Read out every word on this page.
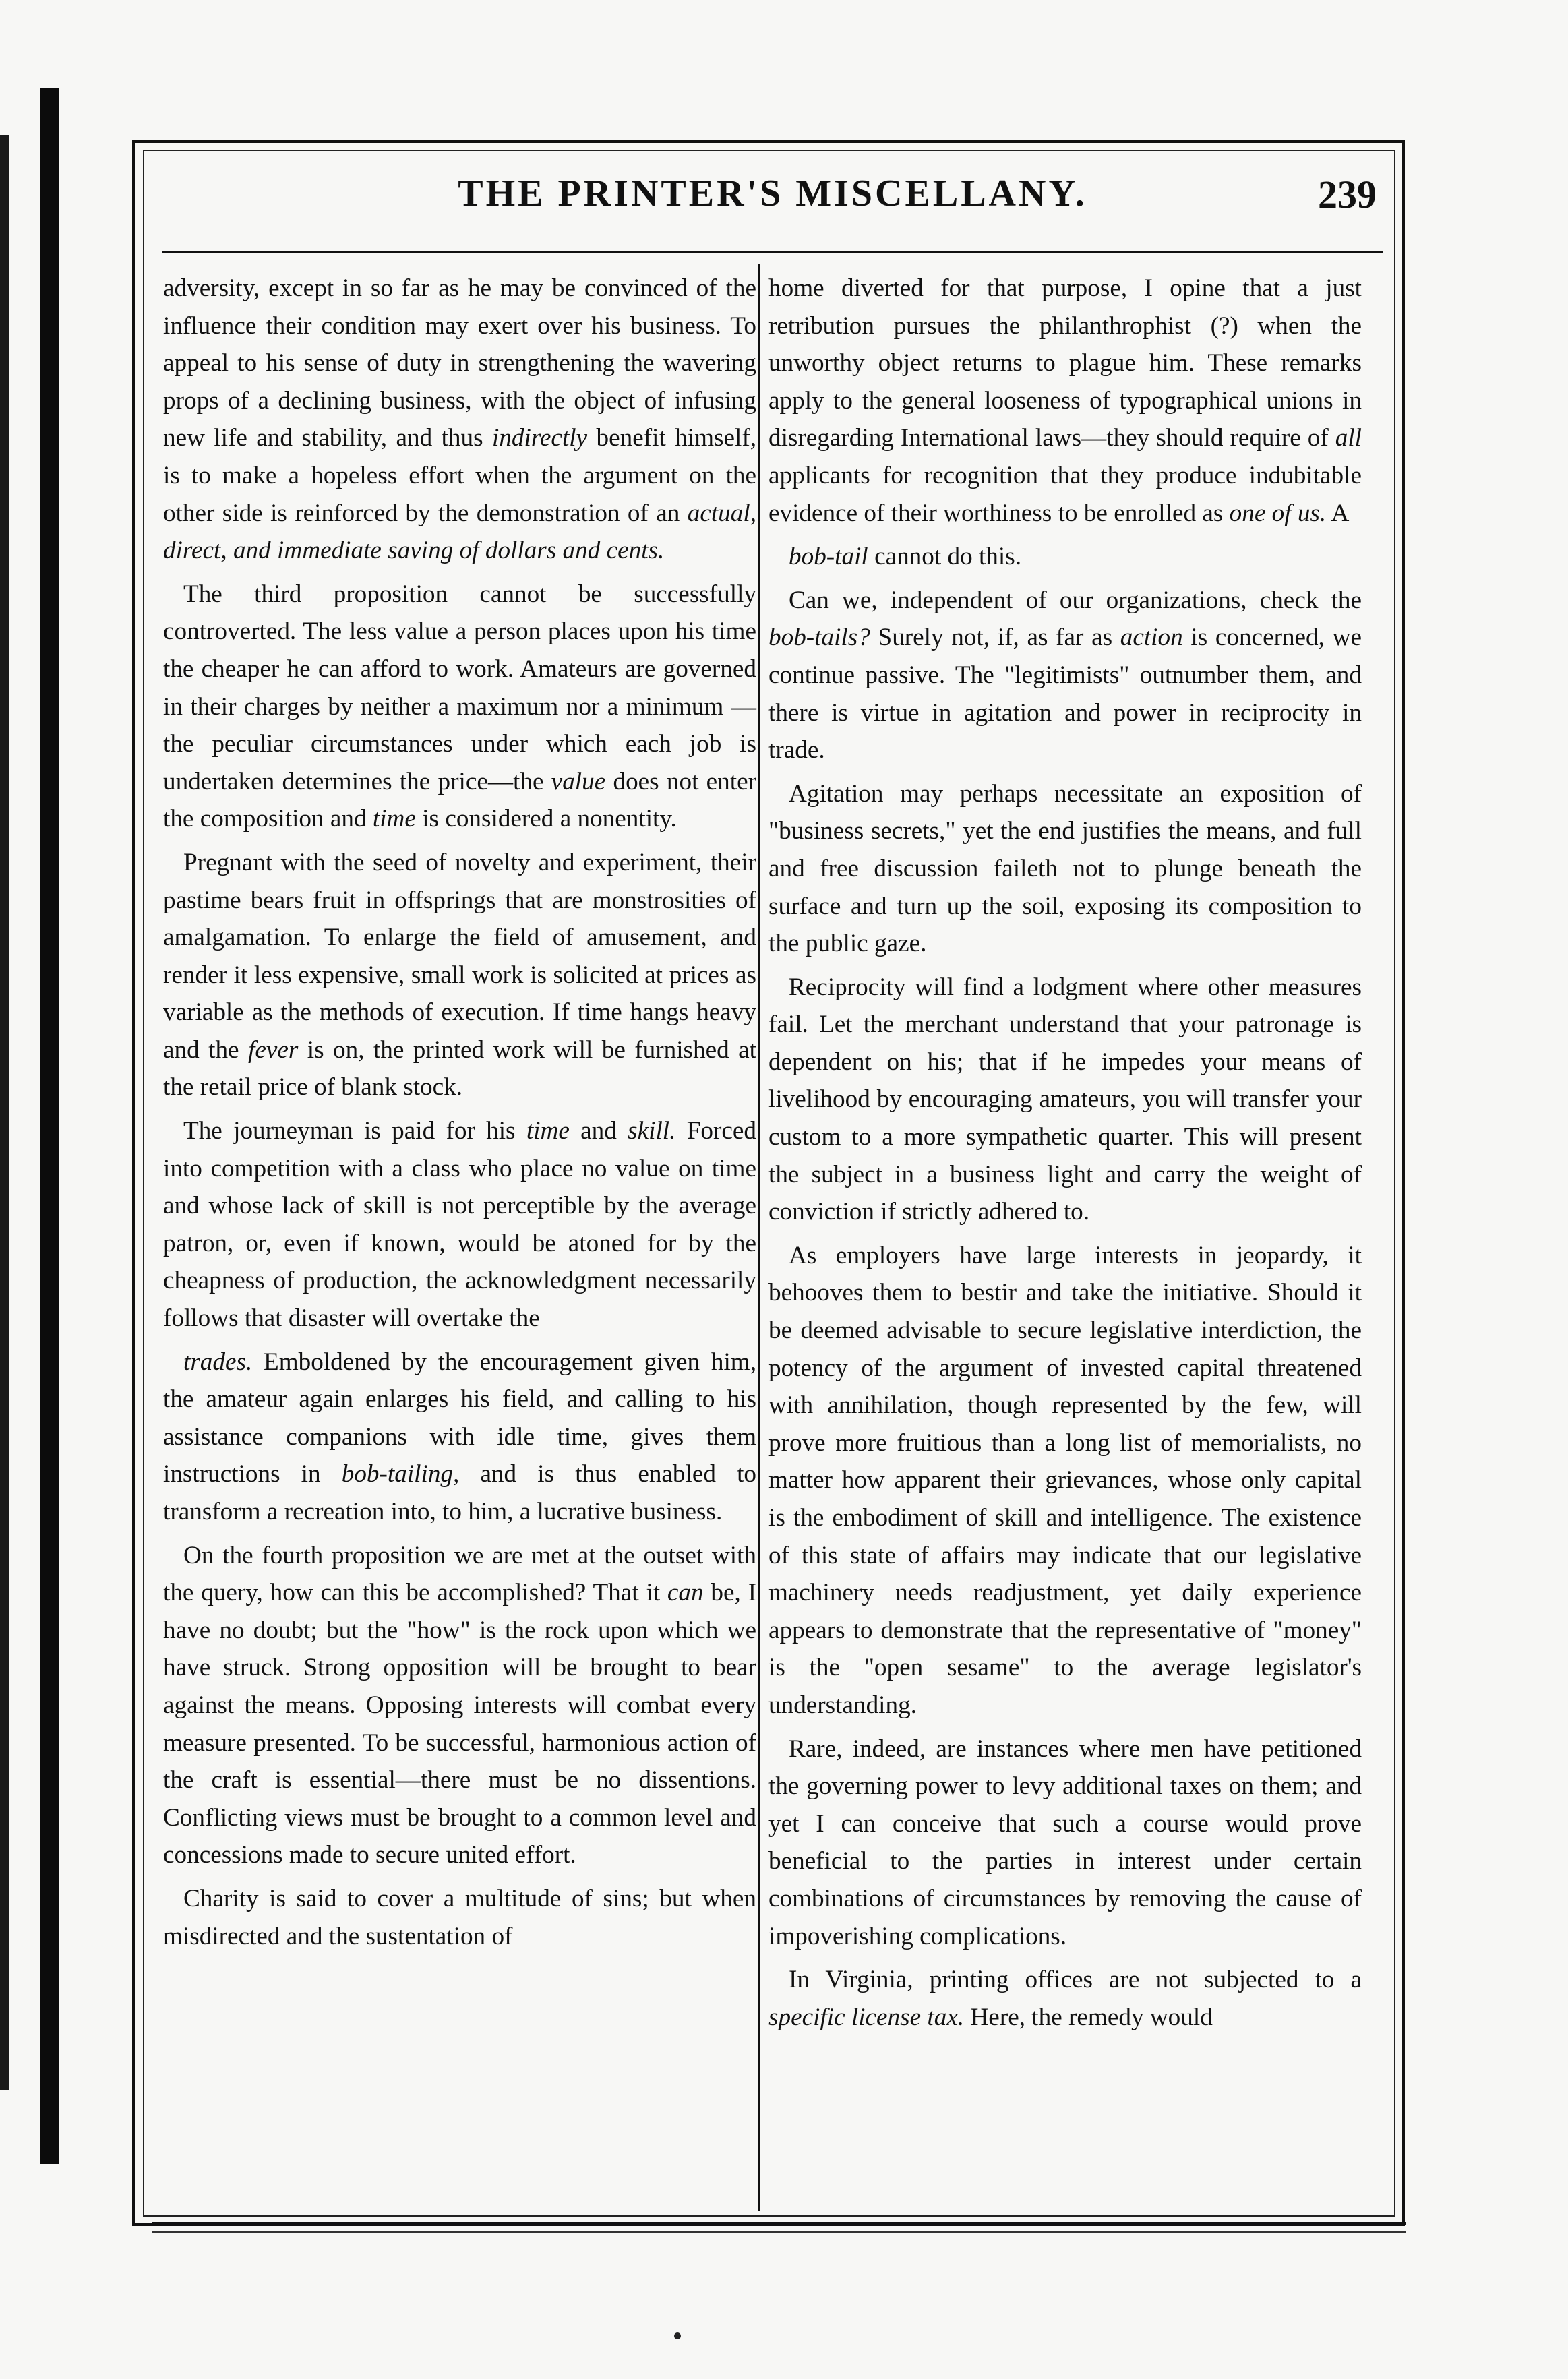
THE PRINTER'S MISCELLANY.	239

adversity, except in so far as he may be convinced of the influence their condition may exert over his business. To appeal to his sense of duty in strengthening the wavering props of a declining business, with the object of infusing new life and stability, and thus indirectly benefit himself, is to make a hopeless effort when the argument on the other side is reinforced by the demonstration of an actual, direct, and immediate saving of dollars and cents.

The third proposition cannot be successfully controverted. The less value a person places upon his time the cheaper he can afford to work. Amateurs are governed in their charges by neither a maximum nor a minimum — the peculiar circumstances under which each job is undertaken determines the price—the value does not enter the composition and time is considered a nonentity.

Pregnant with the seed of novelty and experiment, their pastime bears fruit in offsprings that are monstrosities of amalgamation. To enlarge the field of amusement, and render it less expensive, small work is solicited at prices as variable as the methods of execution. If time hangs heavy and the fever is on, the printed work will be furnished at the retail price of blank stock.

The journeyman is paid for his time and skill. Forced into competition with a class who place no value on time and whose lack of skill is not perceptible by the average patron, or, even if known, would be atoned for by the cheapness of production, the acknowledgment necessarily follows that disaster will overtake the

trades. Emboldened by the encouragement given him, the amateur again enlarges his field, and calling to his assistance companions with idle time, gives them instructions in bob-tailing, and is thus enabled to transform a recreation into, to him, a lucrative business.

On the fourth proposition we are met at the outset with the query, how can this be accomplished? That it can be, I have no doubt; but the "how" is the rock upon which we have struck. Strong opposition will be brought to bear against the means. Opposing interests will combat every measure presented. To be successful, harmonious action of the craft is essential—there must be no dissentions. Conflicting views must be brought to a common level and concessions made to secure united effort.

Charity is said to cover a multitude of sins; but when misdirected and the sustentation of

home diverted for that purpose, I opine that a just retribution pursues the philanthrophist (?) when the unworthy object returns to plague him. These remarks apply to the general looseness of typographical unions in disregarding International laws—they should require of all applicants for recognition that they produce indubitable evidence of their worthiness to be enrolled as one of us. A

bob-tail cannot do this.

Can we, independent of our organizations, check the bob-tails? Surely not, if, as far as action is concerned, we continue passive. The "legitimists" outnumber them, and there is virtue in agitation and power in reciprocity in trade.

Agitation may perhaps necessitate an exposition of "business secrets," yet the end justifies the means, and full and free discussion faileth not to plunge beneath the surface and turn up the soil, exposing its composition to the public gaze.

Reciprocity will find a lodgment where other measures fail. Let the merchant understand that your patronage is dependent on his; that if he impedes your means of livelihood by encouraging amateurs, you will transfer your custom to a more sympathetic quarter. This will present the subject in a business light and carry the weight of conviction if strictly adhered to.

As employers have large interests in jeopardy, it behooves them to bestir and take the initiative. Should it be deemed advisable to secure legislative interdiction, the potency of the argument of invested capital threatened with annihilation, though represented by the few, will prove more fruitious than a long list of memorialists, no matter how apparent their grievances, whose only capital is the embodiment of skill and intelligence. The existence of this state of affairs may indicate that our legislative machinery needs readjustment, yet daily experience appears to demonstrate that the representative of "money" is the "open sesame" to the average legislator's understanding.

Rare, indeed, are instances where men have petitioned the governing power to levy additional taxes on them; and yet I can conceive that such a course would prove beneficial to the parties in interest under certain combinations of circumstances by removing the cause of impoverishing complications.

In Virginia, printing offices are not subjected to a specific license tax. Here, the remedy would
